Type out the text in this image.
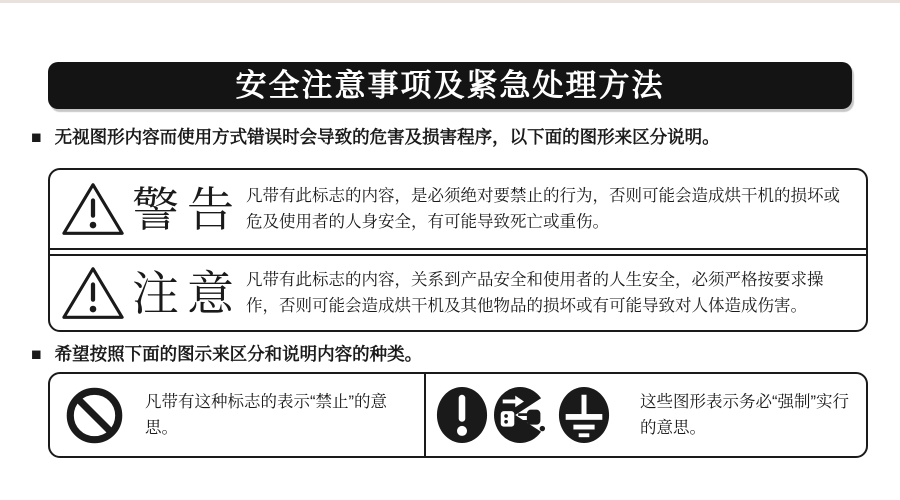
安全注意事项及紧急处理方法
■ 无视图形内容而使用方式错误时会导致的危害及损害程序，以下面的图形来区分说明。
警告 凡带有此标志的内容，是必须绝对要禁止的行为，否则可能会造成烘干机的损坏或危及使用者的人身安全，有可能导致死亡或重伤。
注意 凡带有此标志的内容，关系到产品安全和使用者的人生安全，必须严格按要求操作，否则可能会造成烘干机及其他物品的损坏或有可能导致对人体造成伤害。
■ 希望按照下面的图示来区分和说明内容的种类。
凡带有这种标志的表示“禁止”的意思。
这些图形表示务必“强制”实行的意思。
